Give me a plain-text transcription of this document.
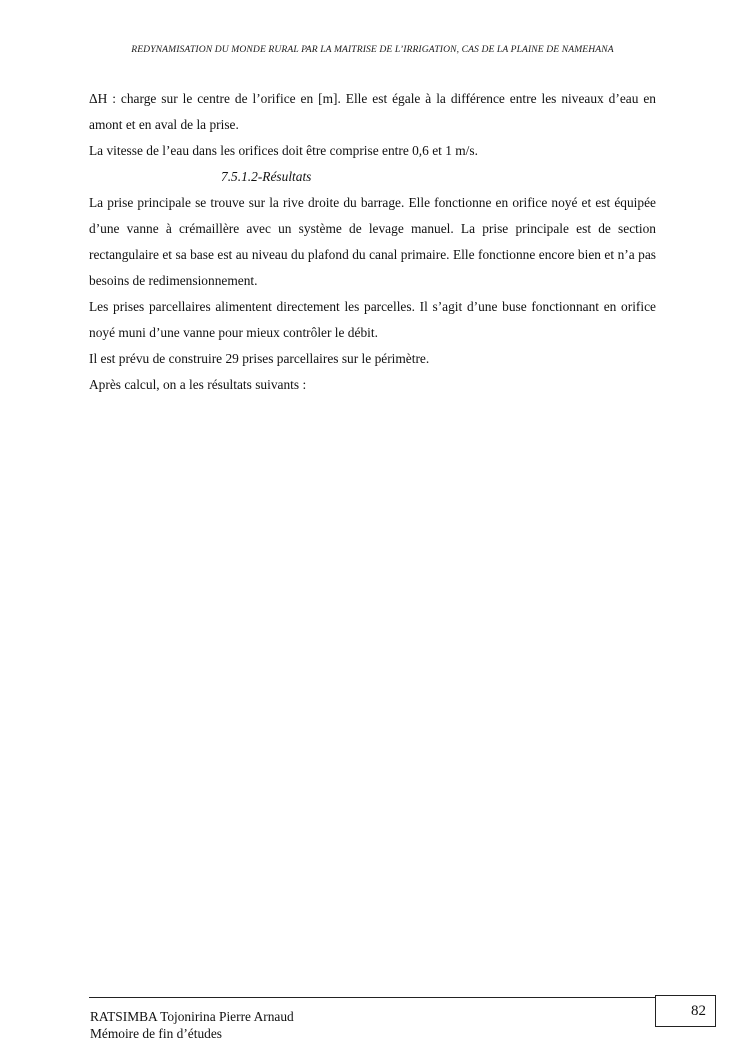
REDYNAMISATION DU MONDE RURAL PAR LA MAITRISE DE L’IRRIGATION, CAS DE LA PLAINE DE NAMEHANA

ΔH : charge sur le centre de l’orifice en [m]. Elle est égale à la différence entre les niveaux d’eau en amont et en aval de la prise.

La vitesse de l’eau dans les orifices doit être comprise entre 0,6 et 1 m/s.

7.5.1.2-Résultats

La prise principale se trouve sur la rive droite du barrage. Elle fonctionne en orifice noyé et est équipée d’une vanne à crémaillère avec un système de levage manuel. La prise principale est de section rectangulaire et sa base est au niveau du plafond du canal primaire. Elle fonctionne encore bien et n’a pas besoins de redimensionnement.

Les prises parcellaires alimentent directement les parcelles. Il s’agit d’une buse fonctionnant en orifice noyé muni d’une vanne pour mieux contrôler le débit.

Il est prévu de construire 29 prises parcellaires sur le périmètre.

Après calcul, on a les résultats suivants :

RATSIMBA Tojonirina Pierre Arnaud
Mémoire de fin d’études
82
